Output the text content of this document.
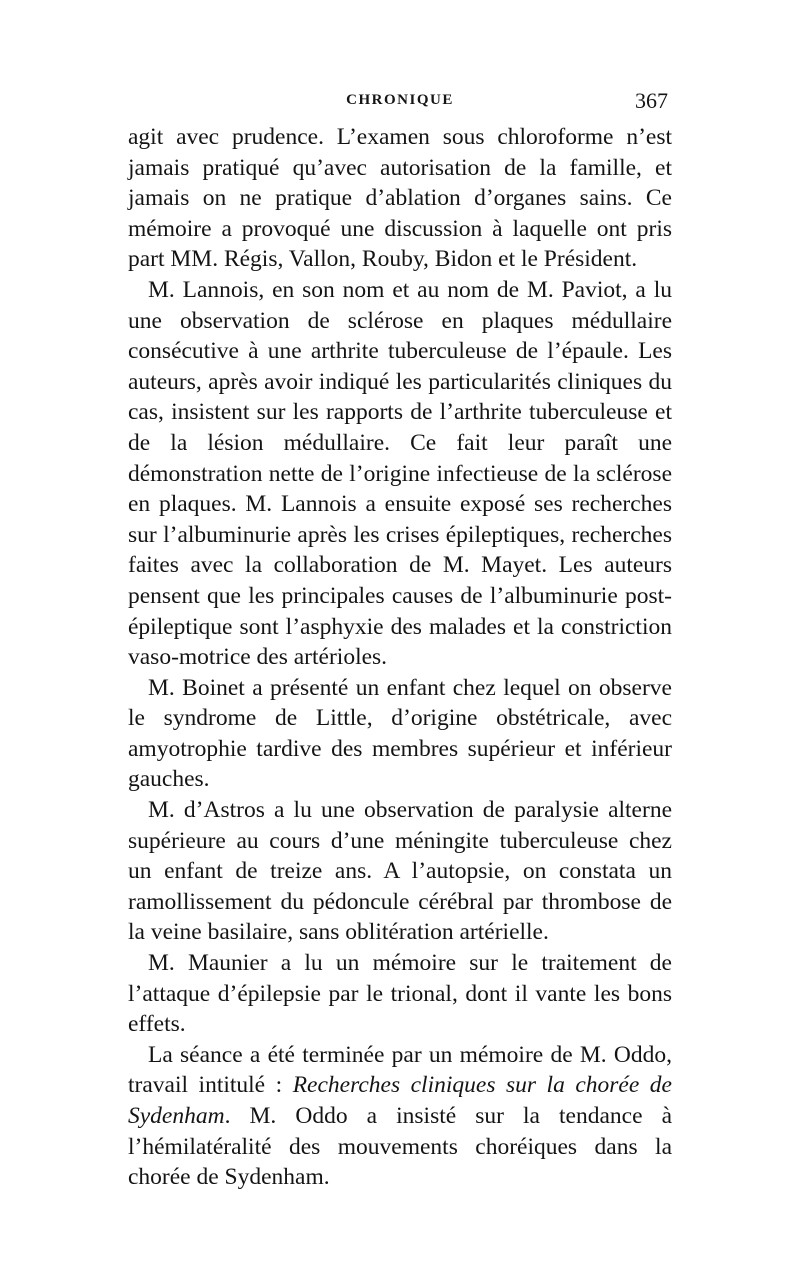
CHRONIQUE	367

agit avec prudence. L’examen sous chloroforme n’est jamais pratiqué qu’avec autorisation de la famille, et jamais on ne pratique d’ablation d’organes sains. Ce mémoire a provoqué une discussion à laquelle ont pris part MM. Régis, Vallon, Rouby, Bidon et le Président.

M. Lannois, en son nom et au nom de M. Paviot, a lu une observation de sclérose en plaques médullaire consécutive à une arthrite tuberculeuse de l’épaule. Les auteurs, après avoir indiqué les particularités cliniques du cas, insistent sur les rapports de l’arthrite tuberculeuse et de la lésion médullaire. Ce fait leur paraît une démonstration nette de l’origine infectieuse de la sclérose en plaques. M. Lannois a ensuite exposé ses recherches sur l’albuminurie après les crises épileptiques, recherches faites avec la collaboration de M. Mayet. Les auteurs pensent que les principales causes de l’albuminurie post-épileptique sont l’asphyxie des malades et la constriction vaso-motrice des artérioles.

M. Boinet a présenté un enfant chez lequel on observe le syndrome de Little, d’origine obstétricale, avec amyotrophie tardive des membres supérieur et inférieur gauches.

M. d’Astros a lu une observation de paralysie alterne supérieure au cours d’une méningite tuberculeuse chez un enfant de treize ans. A l’autopsie, on constata un ramollissement du pédoncule cérébral par thrombose de la veine basilaire, sans oblitération artérielle.

M. Maunier a lu un mémoire sur le traitement de l’attaque d’épilepsie par le trional, dont il vante les bons effets.

La séance a été terminée par un mémoire de M. Oddo, travail intitulé : Recherches cliniques sur la chorée de Sydenham. M. Oddo a insisté sur la tendance à l’hémilatéralité des mouvements choréiques dans la chorée de Sydenham.
